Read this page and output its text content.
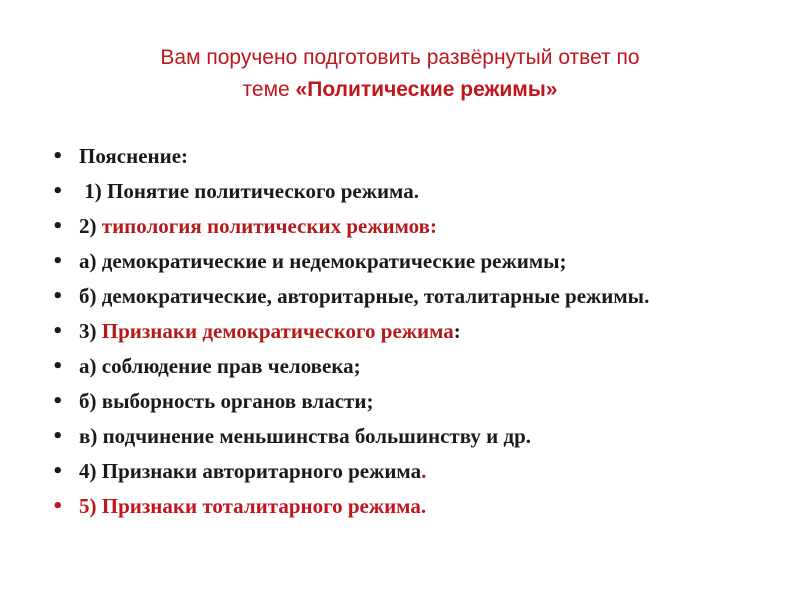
Вам поручено подготовить развёрнутый ответ по
теме «Политические режимы»
• Пояснение:
• 1) Понятие политического режима.
• 2) типология политических режимов:
• а) демократические и недемократические режимы;
• б) демократические, авторитарные, тоталитарные режимы.
• 3) Признаки демократического режима:
• а) соблюдение прав человека;
• б) выборность органов власти;
• в) подчинение меньшинства большинству и др.
• 4) Признаки авторитарного режима.
• 5) Признаки тоталитарного режима.
